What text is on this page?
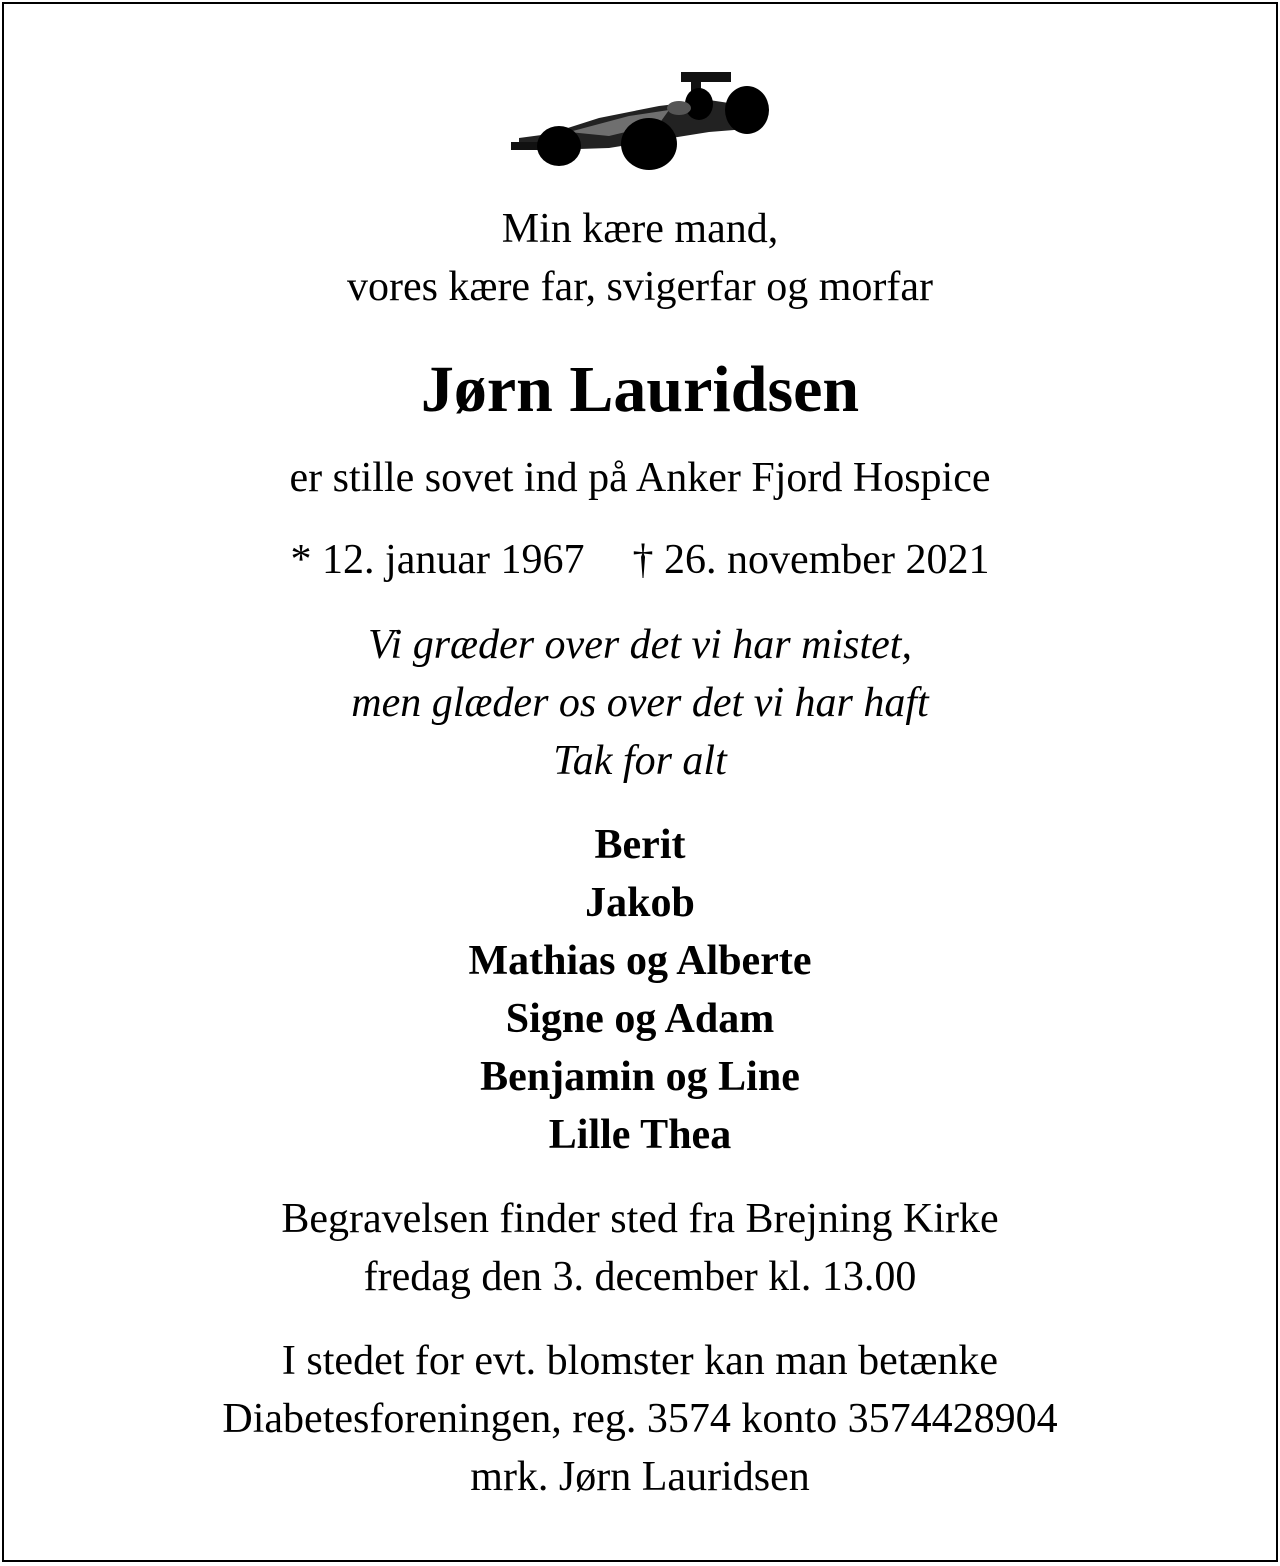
Min kære mand,
vores kære far, svigerfar og morfar
Jørn Lauridsen
er stille sovet ind på Anker Fjord Hospice
* 12. januar 1967 † 26. november 2021
Vi græder over det vi har mistet,
men glæder os over det vi har haft
Tak for alt
Berit
Jakob
Mathias og Alberte
Signe og Adam
Benjamin og Line
Lille Thea
Begravelsen finder sted fra Brejning Kirke
fredag den 3. december kl. 13.00
I stedet for evt. blomster kan man betænke
Diabetesforeningen, reg. 3574 konto 3574428904
mrk. Jørn Lauridsen
